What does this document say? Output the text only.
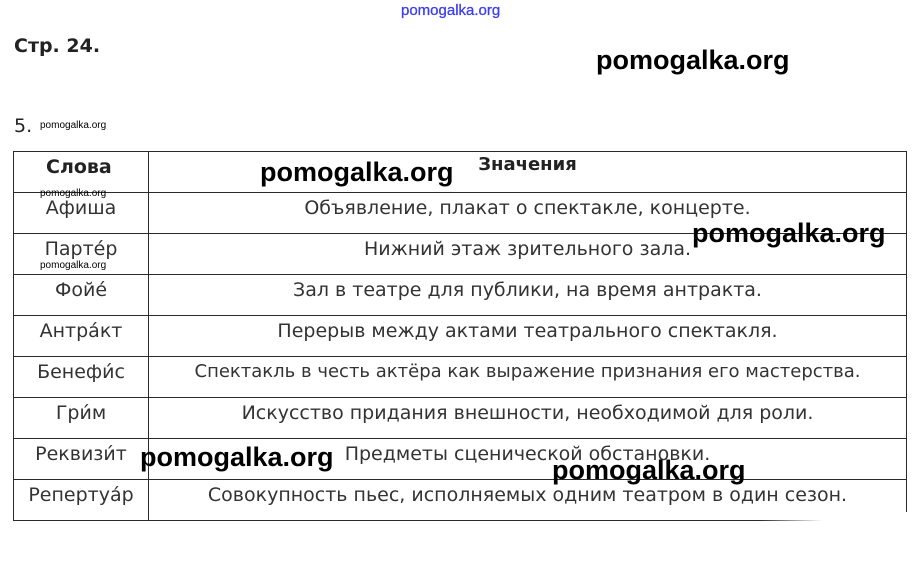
pomogalka.org
Стр. 24.
5.
Слова	Значения
Афиша	Объявление, плакат о спектакле, концерте.
Партéр	Нижний этаж зрительного зала.
Фойé	Зал в театре для публики, на время антракта.
Антрáкт	Перерыв между актами театрального спектакля.
Бенефи́с	Спектакль в честь актёра как выражение признания его мастерства.
Гри́м	Искусство придания внешности, необходимой для роли.
Реквизи́т	Предметы сценической обстановки.
Репертуáр	Совокупность пьес, исполняемых одним театром в один сезон.
pomogalka.org
pomogalka.org
pomogalka.org
pomogalka.org
pomogalka.org
pomogalka.org
pomogalka.org	pomogalka.org
